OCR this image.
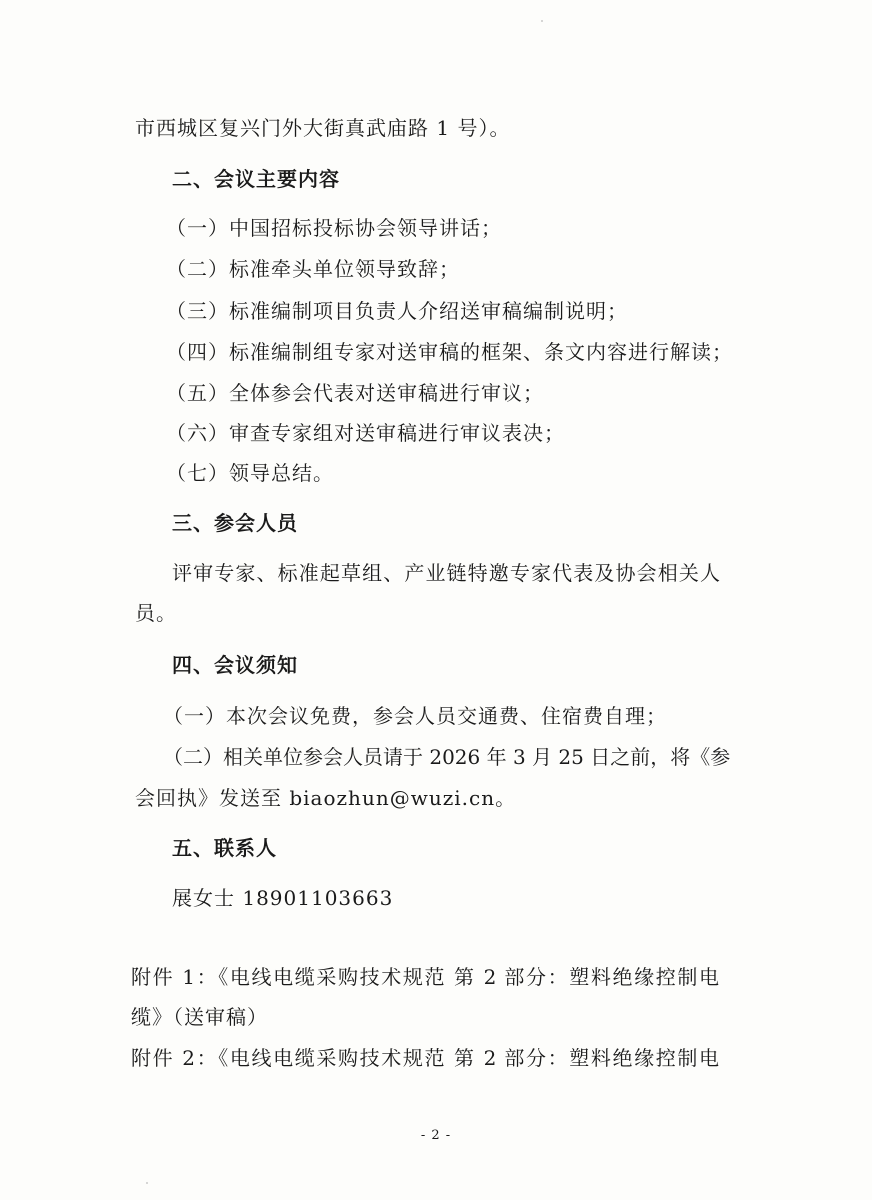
市西城区复兴门外大街真武庙路 1 号）。
二、会议主要内容
（一）中国招标投标协会领导讲话；
（二）标准牵头单位领导致辞；
（三）标准编制项目负责人介绍送审稿编制说明；
（四）标准编制组专家对送审稿的框架、条文内容进行解读；
（五）全体参会代表对送审稿进行审议；
（六）审查专家组对送审稿进行审议表决；
（七）领导总结。
三、参会人员
评审专家、标准起草组、产业链特邀专家代表及协会相关人
员。
四、会议须知
（一）本次会议免费，参会人员交通费、住宿费自理；
（二）相关单位参会人员请于 2026 年 3 月 25 日之前，将《参
会回执》发送至 biaozhun@wuzi.cn。
五、联系人
展女士 18901103663
附件 1：《电线电缆采购技术规范 第 2 部分：塑料绝缘控制电
缆》（送审稿）
附件 2：《电线电缆采购技术规范 第 2 部分：塑料绝缘控制电
- 2 -
